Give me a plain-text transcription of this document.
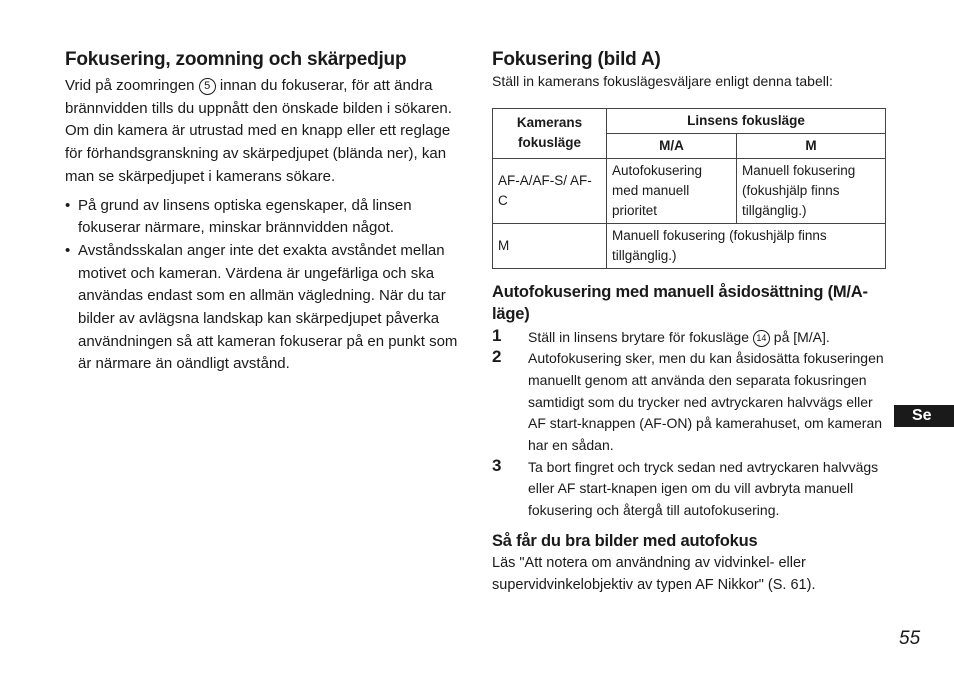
Fokusering, zoomning och skärpedjup

Vrid på zoomringen 5 innan du fokuserar, för att ändra brännvidden tills du uppnått den önskade bilden i sökaren.

Om din kamera är utrustad med en knapp eller ett reglage för förhandsgranskning av skärpedjupet (blända ner), kan man se skärpedjupet i kamerans sökare.

• På grund av linsens optiska egenskaper, då linsen fokuserar närmare, minskar brännvidden något.
• Avståndsskalan anger inte det exakta avståndet mellan motivet och kameran. Värdena är ungefärliga och ska användas endast som en allmän vägledning. När du tar bilder av avlägsna landskap kan skärpedjupet påverka användningen så att kameran fokuserar på en punkt som är närmare än oändligt avstånd.
Fokusering (bild A)

Ställ in kamerans fokuslägesväljare enligt denna tabell:

Kamerans fokusläge	Linsens fokusläge	
	M/A	M
AF-A/AF-S/ AF-C	Autofokusering med manuell prioritet	Manuell fokusering (fokushjälp finns tillgänglig.)
M	Manuell fokusering (fokushjälp finns tillgänglig.)	
Autofokusering med manuell åsidosättning (M/A-läge)
1 Ställ in linsens brytare för fokusläge 14 på [M/A].
2 Autofokusering sker, men du kan åsidosätta fokuseringen manuellt genom att använda den separata fokusringen samtidigt som du trycker ned avtryckaren halvvägs eller AF start-knappen (AF-ON) på kamerahuset, om kameran har en sådan.
3 Ta bort fingret och tryck sedan ned avtryckaren halvvägs eller AF start-knapen igen om du vill avbryta manuell fokusering och återgå till autofokusering.
Så får du bra bilder med autofokus

Läs "Att notera om användning av vidvinkel- eller supervidvinkelobjektiv av typen AF Nikkor" (S. 61).

Se
55
